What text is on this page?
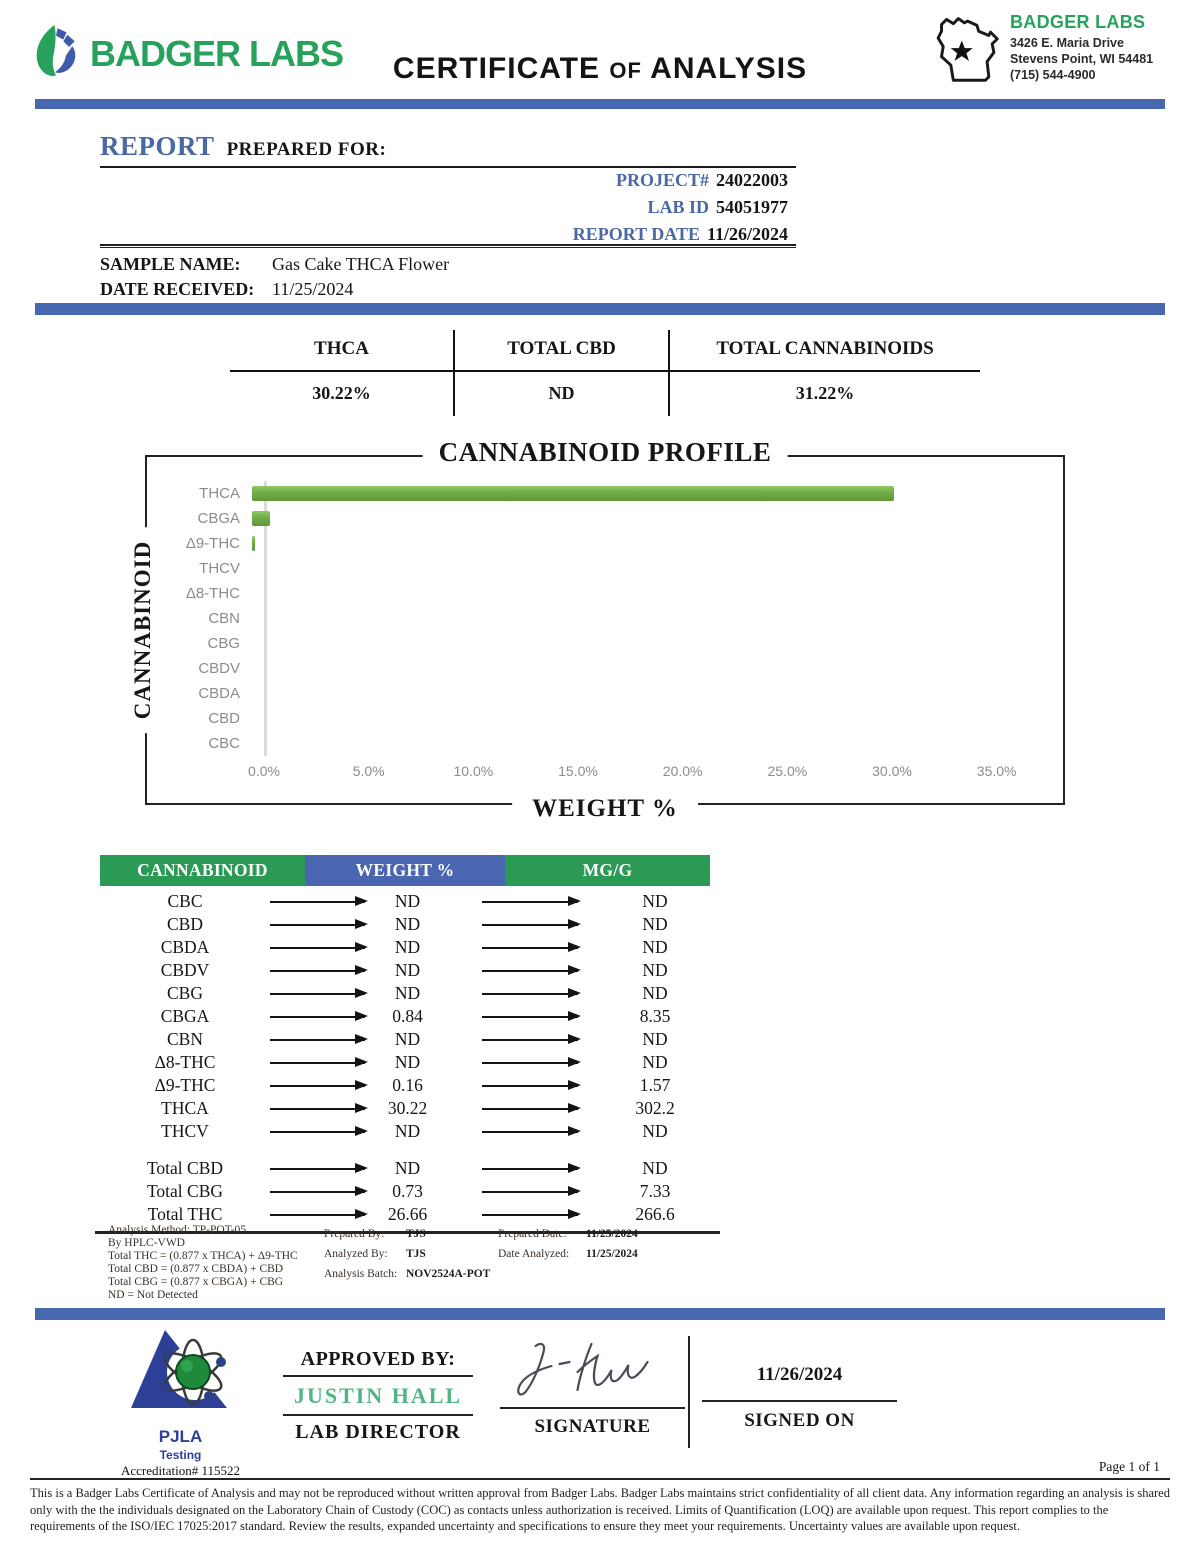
BADGER LABS	CERTIFICATE OF ANALYSIS
BADGER LABS
3426 E. Maria Drive
Stevens Point, WI 54481
(715) 544-4900
REPORT PREPARED FOR:
PROJECT# 24022003
LAB ID 54051977
REPORT DATE 11/26/2024
SAMPLE NAME:	Gas Cake THCA Flower
DATE RECEIVED: 11/25/2024
THCA	TOTAL CBD	TOTAL CANNABINOIDS
30.22%	ND	31.22%
CANNABINOID PROFILE
CANNABINOID
WEIGHT %
THCA
CBGA
Δ9-THC
THCV
Δ8-THC
CBN
CBG
CBDV
CBDA
CBD
CBC
0.0%	5.0%	10.0%	15.0%	20.0%	25.0%	30.0%	35.0%
CANNABINOID	WEIGHT %	MG/G
CBC	ND	ND
CBD	ND	ND
CBDA	ND	ND
CBDV	ND	ND
CBG	ND	ND
CBGA	0.84	8.35
CBN	ND	ND
Δ8-THC	ND	ND
Δ9-THC	0.16	1.57
THCA	30.22	302.2
THCV	ND	ND
Total CBD	ND	ND
Total CBG	0.73	7.33
Total THC	26.66	266.6
Analysis Method: TP-POT-05
By HPLC-VWD
Total THC = (0.877 x THCA) + Δ9-THC
Total CBD = (0.877 x CBDA) + CBD
Total CBG = (0.877 x CBGA) + CBG
ND = Not Detected
Prepared By:	TJS	Prepared Date:	11/25/2024
Analyzed By:	TJS	Date Analyzed:	11/25/2024
Analysis Batch: NOV2524A-POT
PJLA
Testing
Accreditation# 115522
APPROVED BY:
JUSTIN HALL
LAB DIRECTOR	SIGNATURE
11/26/2024
SIGNED ON
Page 1 of 1
This is a Badger Labs Certificate of Analysis and may not be reproduced without written approval from Badger Labs. Badger Labs maintains strict confidentiality of all client data. Any information regarding an analysis is shared only with the the individuals designated on the Laboratory Chain of Custody (COC) as contacts unless authorization is received. Limits of Quantification (LOQ) are available upon request. This report complies to the requirements of the ISO/IEC 17025:2017 standard. Review the results, expanded uncertainty and specifications to ensure they meet your requirements. Uncertainty values are available upon request.
